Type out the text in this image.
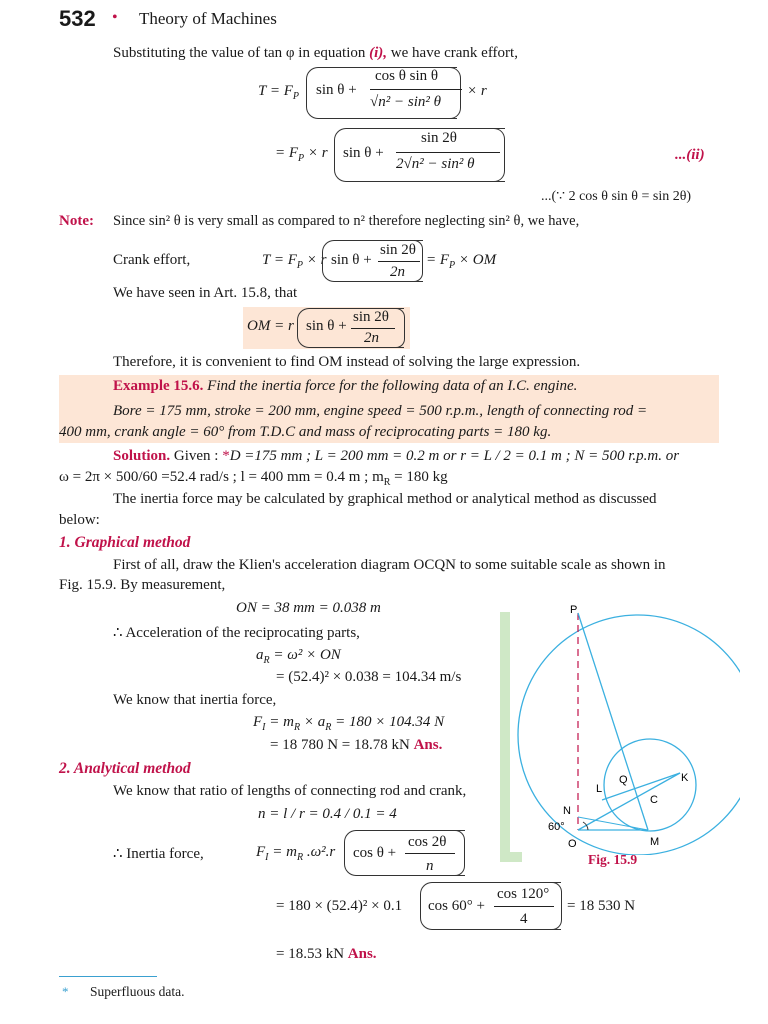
532 • Theory of Machines
Substituting the value of tan φ in equation (i), we have crank effort,
$T = F_P$ sin θ +
cos θ sin θ
√n² − sin² θ
× r
= $F_P \times r$ sin θ +
sin 2θ
2√n² − sin² θ
...(ii)
...(∵ 2 cos θ sin θ = sin 2θ)
Note: Since sin² θ is very small as compared to n² therefore neglecting sin² θ, we have,
Crank effort,	$T = F_P \times r$ sin θ +
sin 2θ
2n
= $F_P$ × OM
We have seen in Art. 15.8, that
OM = r sin θ +
sin 2θ
2n
Therefore, it is convenient to find OM instead of solving the large expression.
Example 15.6. Find the inertia force for the following data of an I.C. engine.
Bore = 175 mm, stroke = 200 mm, engine speed = 500 r.p.m., length of connecting rod =
400 mm, crank angle = 60° from T.D.C and mass of reciprocating parts = 180 kg.
Solution. Given : *D =175 mm ; L = 200 mm = 0.2 m or r = L / 2 = 0.1 m ; N = 500 r.p.m. or
ω = 2π × 500/60 =52.4 rad/s ; l = 400 mm = 0.4 m ; $m_R = 180$ kg
The inertia force may be calculated by graphical method or analytical method as discussed
below:
1. Graphical method
First of all, draw the Klien's acceleration diagram OCQN to some suitable scale as shown in
Fig. 15.9. By measurement,
ON = 38 mm = 0.038 m
∴ Acceleration of the reciprocating parts,
$a_R = \omega^2$ × ON
= (52.4)² × 0.038 = 104.34 m/s
We know that inertia force,
$F_I = m_R \times a_R = 180 \times 104.34$ N
= 18 780 N = 18.78 kN Ans.
2. Analytical method
We know that ratio of lengths of connecting rod and crank,
n = l / r = 0.4 / 0.1 = 4
∴ Inertia force,	$F_I = m_R$ .ω².r cos θ +
cos 2θ
n
= 180 × (52.4)² × 0.1 cos 60° +
cos 120°
4
= 18 530 N
= 18.53 kN Ans.
P
L
Q	K
C
N
60°
O	M
Fig. 15.9
* Superfluous data.
